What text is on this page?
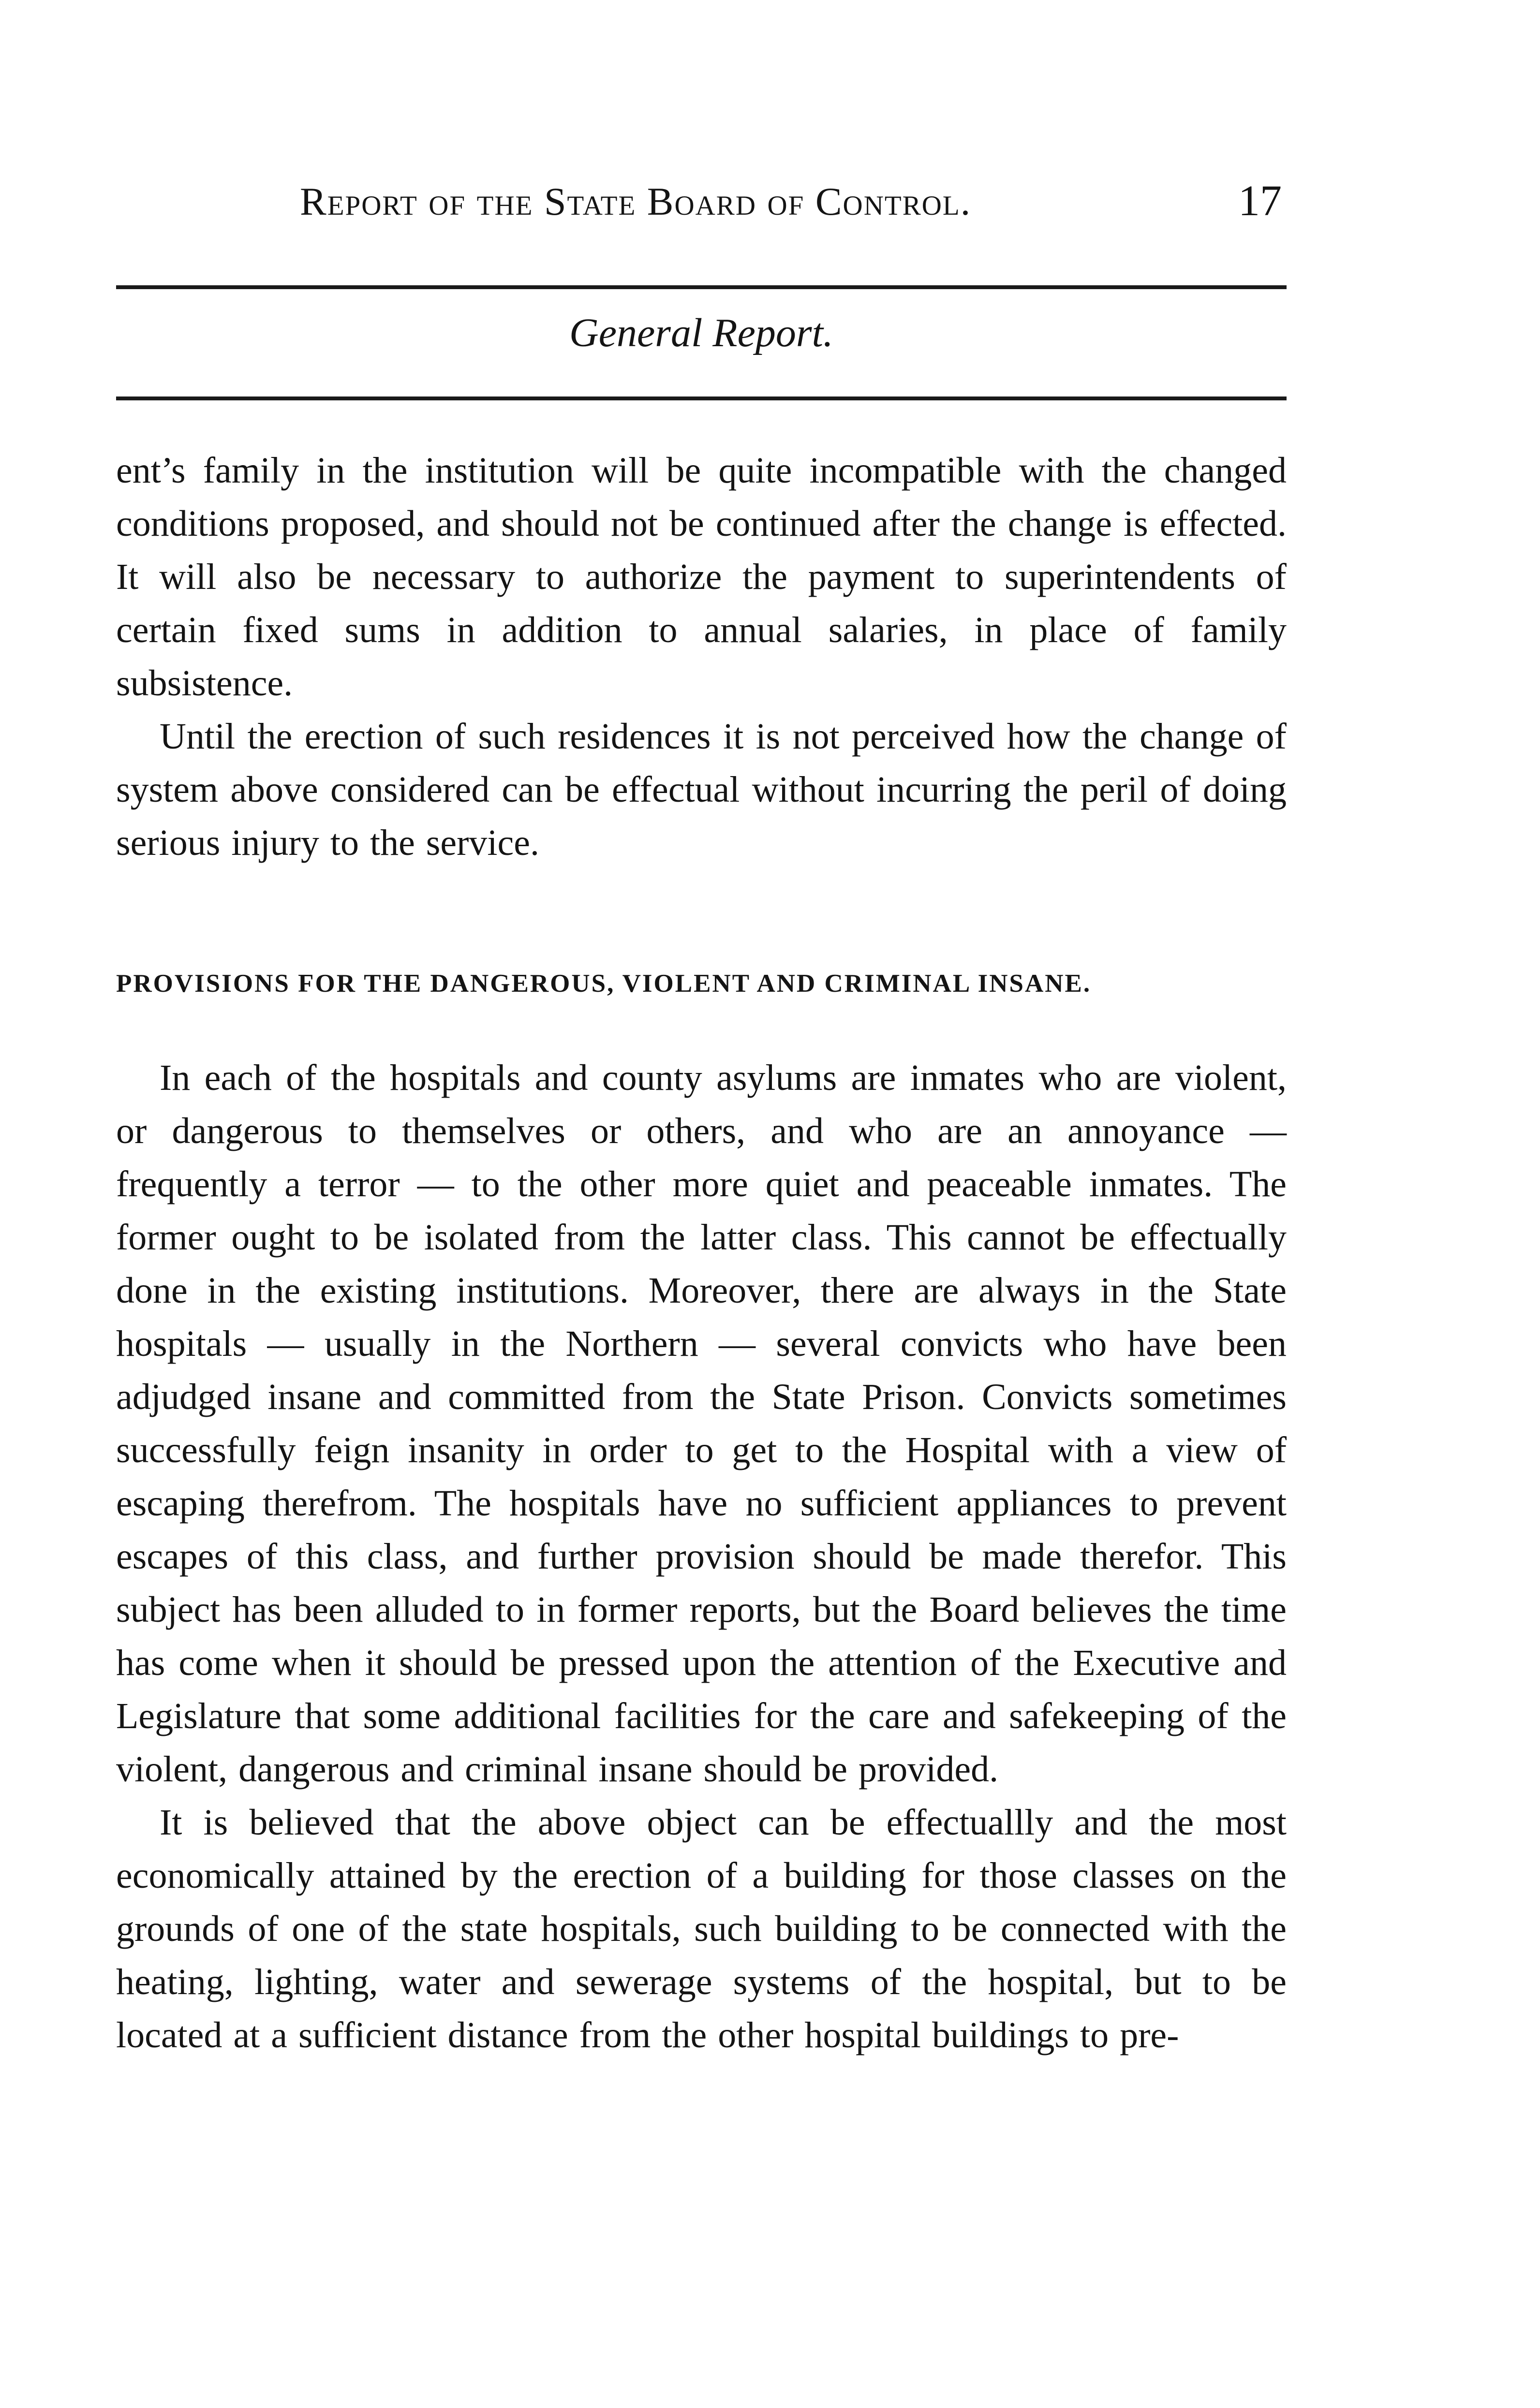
Report of the State Board of Control.	17
General Report.

ent’s family in the institution will be quite incompatible with the changed conditions proposed, and should not be continued after the change is effected. It will also be necessary to authorize the payment to superintendents of certain fixed sums in addition to annual salaries, in place of family subsistence.

Until the erection of such residences it is not perceived how the change of system above considered can be effectual without incurring the peril of doing serious injury to the service.

PROVISIONS FOR THE DANGEROUS, VIOLENT AND CRIMINAL INSANE.

In each of the hospitals and county asylums are inmates who are violent, or dangerous to themselves or others, and who are an annoyance — frequently a terror — to the other more quiet and peaceable inmates. The former ought to be isolated from the latter class. This cannot be effectually done in the existing institutions. Moreover, there are always in the State hospitals — usually in the Northern — several convicts who have been adjudged insane and committed from the State Prison. Convicts sometimes successfully feign insanity in order to get to the Hospital with a view of escaping therefrom. The hospitals have no sufficient appliances to prevent escapes of this class, and further provision should be made therefor. This subject has been alluded to in former reports, but the Board believes the time has come when it should be pressed upon the attention of the Executive and Legislature that some additional facilities for the care and safekeeping of the violent, dangerous and criminal insane should be provided.

It is believed that the above object can be effectuallly and the most economically attained by the erection of a building for those classes on the grounds of one of the state hospitals, such building to be connected with the heating, lighting, water and sewerage systems of the hospital, but to be located at a sufficient distance from the other hospital buildings to pre-
